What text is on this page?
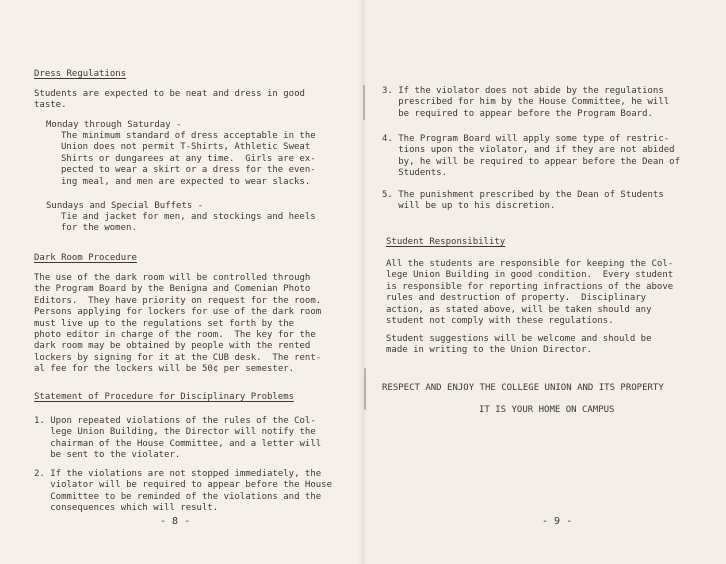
Dress Regulations
Students are expected to be neat and dress in good
taste.
Monday through Saturday -
The minimum standard of dress acceptable in the
Union does not permit T-Shirts, Athletic Sweat
Shirts or dungarees at any time.  Girls are ex-
pected to wear a skirt or a dress for the even-
ing meal, and men are expected to wear slacks.
Sundays and Special Buffets -
Tie and jacket for men, and stockings and heels
for the women.
Dark Room Procedure
The use of the dark room will be controlled through
the Program Board by the Benigna and Comenian Photo
Editors.  They have priority on request for the room.
Persons applying for lockers for use of the dark room
must live up to the regulations set forth by the
photo editor in charge of the room.  The key for the
dark room may be obtained by people with the rented
lockers by signing for it at the CUB desk.  The rent-
al fee for the lockers will be 50¢ per semester.
Statement of Procedure for Disciplinary Problems
1. Upon repeated violations of the rules of the Col-
lege Union Building, the Director will notify the
chairman of the House Committee, and a letter will
be sent to the violater.
2. If the violations are not stopped immediately, the
violator will be required to appear before the House
Committee to be reminded of the violations and the
consequences which will result.
- 8 -
3. If the violator does not abide by the regulations
prescribed for him by the House Committee, he will
be required to appear before the Program Board.
4. The Program Board will apply some type of restric-
tions upon the violator, and if they are not abided
by, he will be required to appear before the Dean of
Students.
5. The punishment prescribed by the Dean of Students
will be up to his discretion.
Student Responsibility
All the students are responsible for keeping the Col-
lege Union Building in good condition.  Every student
is responsible for reporting infractions of the above
rules and destruction of property.  Disciplinary
action, as stated above, will be taken should any
student not comply with these regulations.
Student suggestions will be welcome and should be
made in writing to the Union Director.
RESPECT AND ENJOY THE COLLEGE UNION AND ITS PROPERTY
IT IS YOUR HOME ON CAMPUS
- 9 -
